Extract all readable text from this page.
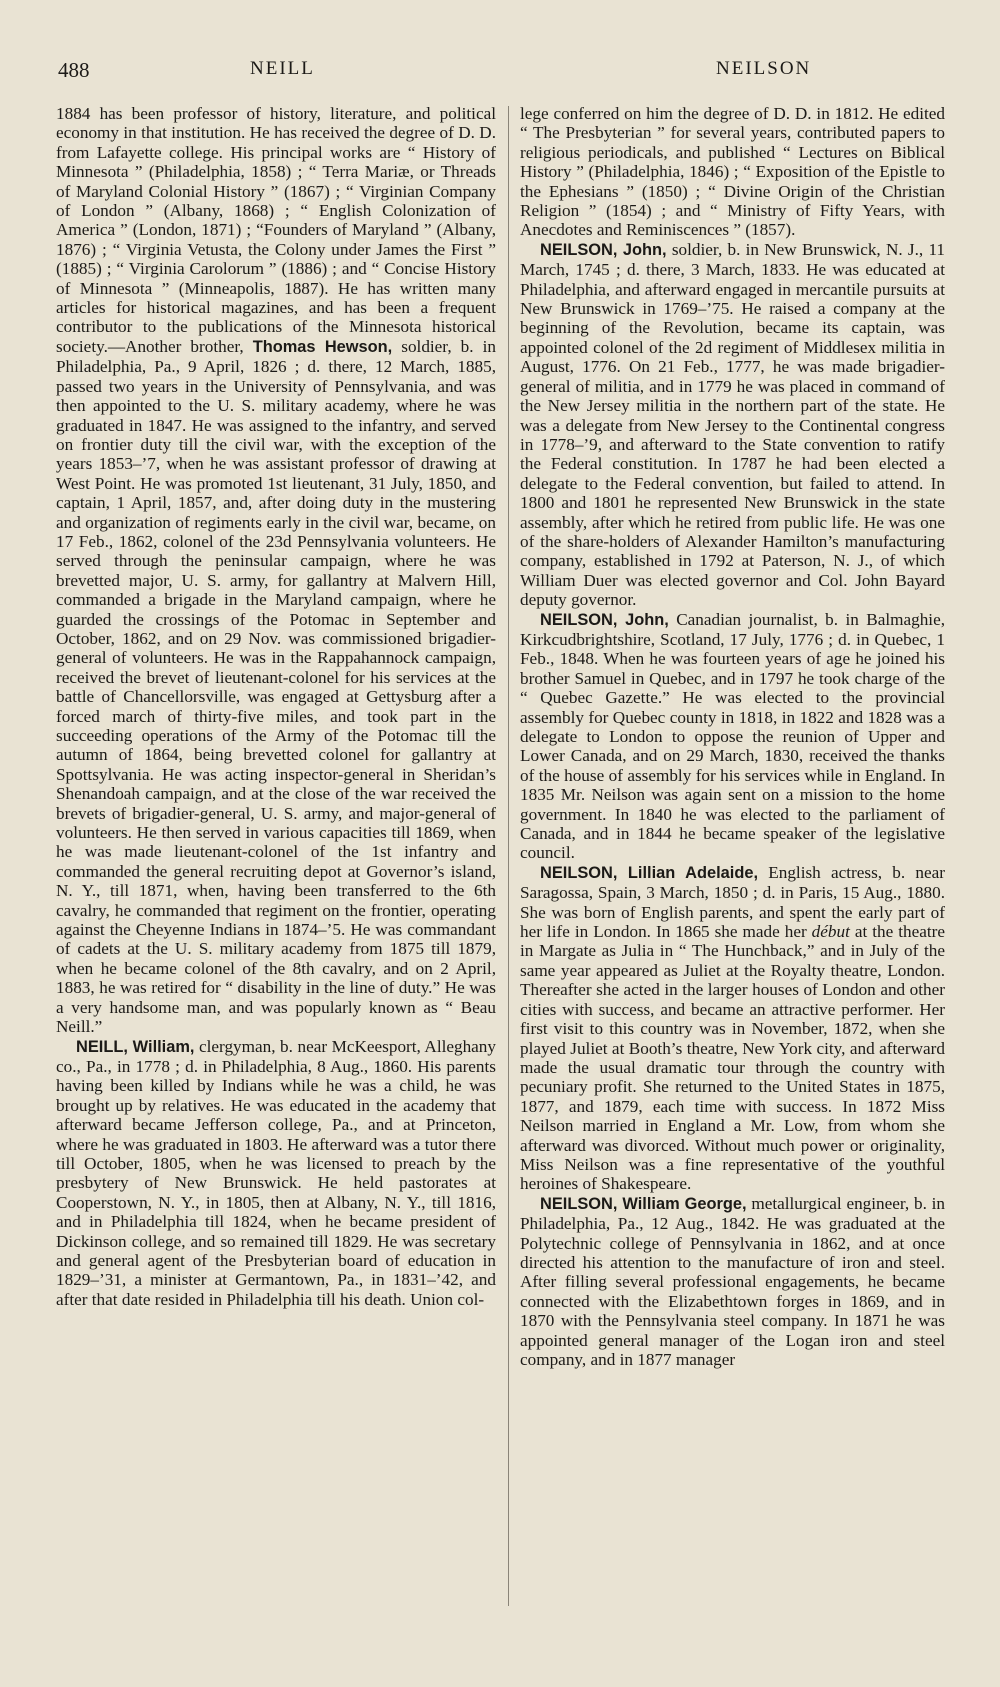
488	NEILL	NEILSON

1884 has been professor of history, literature, and political economy in that institution. He has received the degree of D. D. from Lafayette college. His principal works are “ History of Minnesota ” (Philadelphia, 1858) ; “ Terra Mariæ, or Threads of Maryland Colonial History ” (1867) ; “ Virginian Company of London ” (Albany, 1868) ; “ English Colonization of America ” (London, 1871) ; “Founders of Maryland ” (Albany, 1876) ; “ Virginia Vetusta, the Colony under James the First ” (1885) ; “ Virginia Carolorum ” (1886) ; and “ Concise History of Minnesota ” (Minneapolis, 1887). He has written many articles for historical magazines, and has been a frequent contributor to the publications of the Minnesota historical society.—Another brother, Thomas Hewson, soldier, b. in Philadelphia, Pa., 9 April, 1826 ; d. there, 12 March, 1885, passed two years in the University of Pennsylvania, and was then appointed to the U. S. military academy, where he was graduated in 1847. He was assigned to the infantry, and served on frontier duty till the civil war, with the exception of the years 1853–’7, when he was assistant professor of drawing at West Point. He was promoted 1st lieutenant, 31 July, 1850, and captain, 1 April, 1857, and, after doing duty in the mustering and organization of regiments early in the civil war, became, on 17 Feb., 1862, colonel of the 23d Pennsylvania volunteers. He served through the peninsular campaign, where he was brevetted major, U. S. army, for gallantry at Malvern Hill, commanded a brigade in the Maryland campaign, where he guarded the crossings of the Potomac in September and October, 1862, and on 29 Nov. was commissioned brigadier-general of volunteers. He was in the Rappahannock campaign, received the brevet of lieutenant-colonel for his services at the battle of Chancellorsville, was engaged at Gettysburg after a forced march of thirty-five miles, and took part in the succeeding operations of the Army of the Potomac till the autumn of 1864, being brevetted colonel for gallantry at Spottsylvania. He was acting inspector-general in Sheridan’s Shenandoah campaign, and at the close of the war received the brevets of brigadier-general, U. S. army, and major-general of volunteers. He then served in various capacities till 1869, when he was made lieutenant-colonel of the 1st infantry and commanded the general recruiting depot at Governor’s island, N. Y., till 1871, when, having been transferred to the 6th cavalry, he commanded that regiment on the frontier, operating against the Cheyenne Indians in 1874–’5. He was commandant of cadets at the U. S. military academy from 1875 till 1879, when he became colonel of the 8th cavalry, and on 2 April, 1883, he was retired for “ disability in the line of duty.” He was a very handsome man, and was popularly known as “ Beau Neill.”

NEILL, William, clergyman, b. near McKeesport, Alleghany co., Pa., in 1778 ; d. in Philadelphia, 8 Aug., 1860. His parents having been killed by Indians while he was a child, he was brought up by relatives. He was educated in the academy that afterward became Jefferson college, Pa., and at Princeton, where he was graduated in 1803. He afterward was a tutor there till October, 1805, when he was licensed to preach by the presbytery of New Brunswick. He held pastorates at Cooperstown, N. Y., in 1805, then at Albany, N. Y., till 1816, and in Philadelphia till 1824, when he became president of Dickinson college, and so remained till 1829. He was secretary and general agent of the Presbyterian board of education in 1829–’31, a minister at Germantown, Pa., in 1831–’42, and after that date resided in Philadelphia till his death. Union col-

lege conferred on him the degree of D. D. in 1812. He edited “ The Presbyterian ” for several years, contributed papers to religious periodicals, and published “ Lectures on Biblical History ” (Philadelphia, 1846) ; “ Exposition of the Epistle to the Ephesians ” (1850) ; “ Divine Origin of the Christian Religion ” (1854) ; and “ Ministry of Fifty Years, with Anecdotes and Reminiscences ” (1857).

NEILSON, John, soldier, b. in New Brunswick, N. J., 11 March, 1745 ; d. there, 3 March, 1833. He was educated at Philadelphia, and afterward engaged in mercantile pursuits at New Brunswick in 1769–’75. He raised a company at the beginning of the Revolution, became its captain, was appointed colonel of the 2d regiment of Middlesex militia in August, 1776. On 21 Feb., 1777, he was made brigadier-general of militia, and in 1779 he was placed in command of the New Jersey militia in the northern part of the state. He was a delegate from New Jersey to the Continental congress in 1778–’9, and afterward to the State convention to ratify the Federal constitution. In 1787 he had been elected a delegate to the Federal convention, but failed to attend. In 1800 and 1801 he represented New Brunswick in the state assembly, after which he retired from public life. He was one of the share-holders of Alexander Hamilton’s manufacturing company, established in 1792 at Paterson, N. J., of which William Duer was elected governor and Col. John Bayard deputy governor.

NEILSON, John, Canadian journalist, b. in Balmaghie, Kirkcudbrightshire, Scotland, 17 July, 1776 ; d. in Quebec, 1 Feb., 1848. When he was fourteen years of age he joined his brother Samuel in Quebec, and in 1797 he took charge of the “ Quebec Gazette.” He was elected to the provincial assembly for Quebec county in 1818, in 1822 and 1828 was a delegate to London to oppose the reunion of Upper and Lower Canada, and on 29 March, 1830, received the thanks of the house of assembly for his services while in England. In 1835 Mr. Neilson was again sent on a mission to the home government. In 1840 he was elected to the parliament of Canada, and in 1844 he became speaker of the legislative council.

NEILSON, Lillian Adelaide, English actress, b. near Saragossa, Spain, 3 March, 1850 ; d. in Paris, 15 Aug., 1880. She was born of English parents, and spent the early part of her life in London. In 1865 she made her début at the theatre in Margate as Julia in “ The Hunchback,” and in July of the same year appeared as Juliet at the Royalty theatre, London. Thereafter she acted in the larger houses of London and other cities with success, and became an attractive performer. Her first visit to this country was in November, 1872, when she played Juliet at Booth’s theatre, New York city, and afterward made the usual dramatic tour through the country with pecuniary profit. She returned to the United States in 1875, 1877, and 1879, each time with success. In 1872 Miss Neilson married in England a Mr. Low, from whom she afterward was divorced. Without much power or originality, Miss Neilson was a fine representative of the youthful heroines of Shakespeare.

NEILSON, William George, metallurgical engineer, b. in Philadelphia, Pa., 12 Aug., 1842. He was graduated at the Polytechnic college of Pennsylvania in 1862, and at once directed his attention to the manufacture of iron and steel. After filling several professional engagements, he became connected with the Elizabethtown forges in 1869, and in 1870 with the Pennsylvania steel company. In 1871 he was appointed general manager of the Logan iron and steel company, and in 1877 manager
